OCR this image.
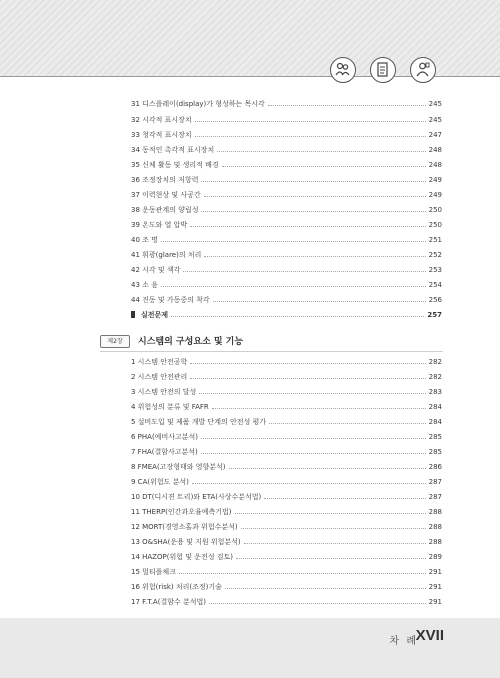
31 디스플레이(display)가 형성하는 목시각	245
32 시각적 표시장치	245
33 청각적 표시장치	247
34 동적인 촉각적 표시장치	248
35 신체 활동 및 생리적 배경	248
36 조정장치의 저항력	249
37 이력현상 및 사공간	249
38 운동관계의 양립성	250
39 온도와 열 압박	250
40 조 명	251
41 휘광(glare)의 처리	252
42 시각 및 색각	253
43 소 음	254
44 진동 및 가동중의 착각	256
실전문제	257
제2장	시스템의 구성요소 및 기능
1 시스템 안전공학	282
2 시스템 안전관리	282
3 시스템 안전의 달성	283
4 위험성의 분류 및 FAFR	284
5 설비도입 및 제품 개발 단계의 안전성 평가	284
6 PHA(예비사고분석)	285
7 FHA(결함사고분석)	285
8 FMEA(고장형태와 영향분석)	286
9 CA(위험도 분석)	287
10 DT(디시젼 트리)와 ETA(사상수분석법)	287
11 THERP(인간과오율예측기법)	288
12 MORT(경영소홀과 위험수분석)	288
13 O&SHA(운용 및 지원 위험분석)	288
14 HAZOP(위험 및 운전성 검토)	289
15 멀티플체크	291
16 위험(risk) 처리(조정)기술	291
17 F.T.A(결함수 분석법)	291
차 례
XVII
